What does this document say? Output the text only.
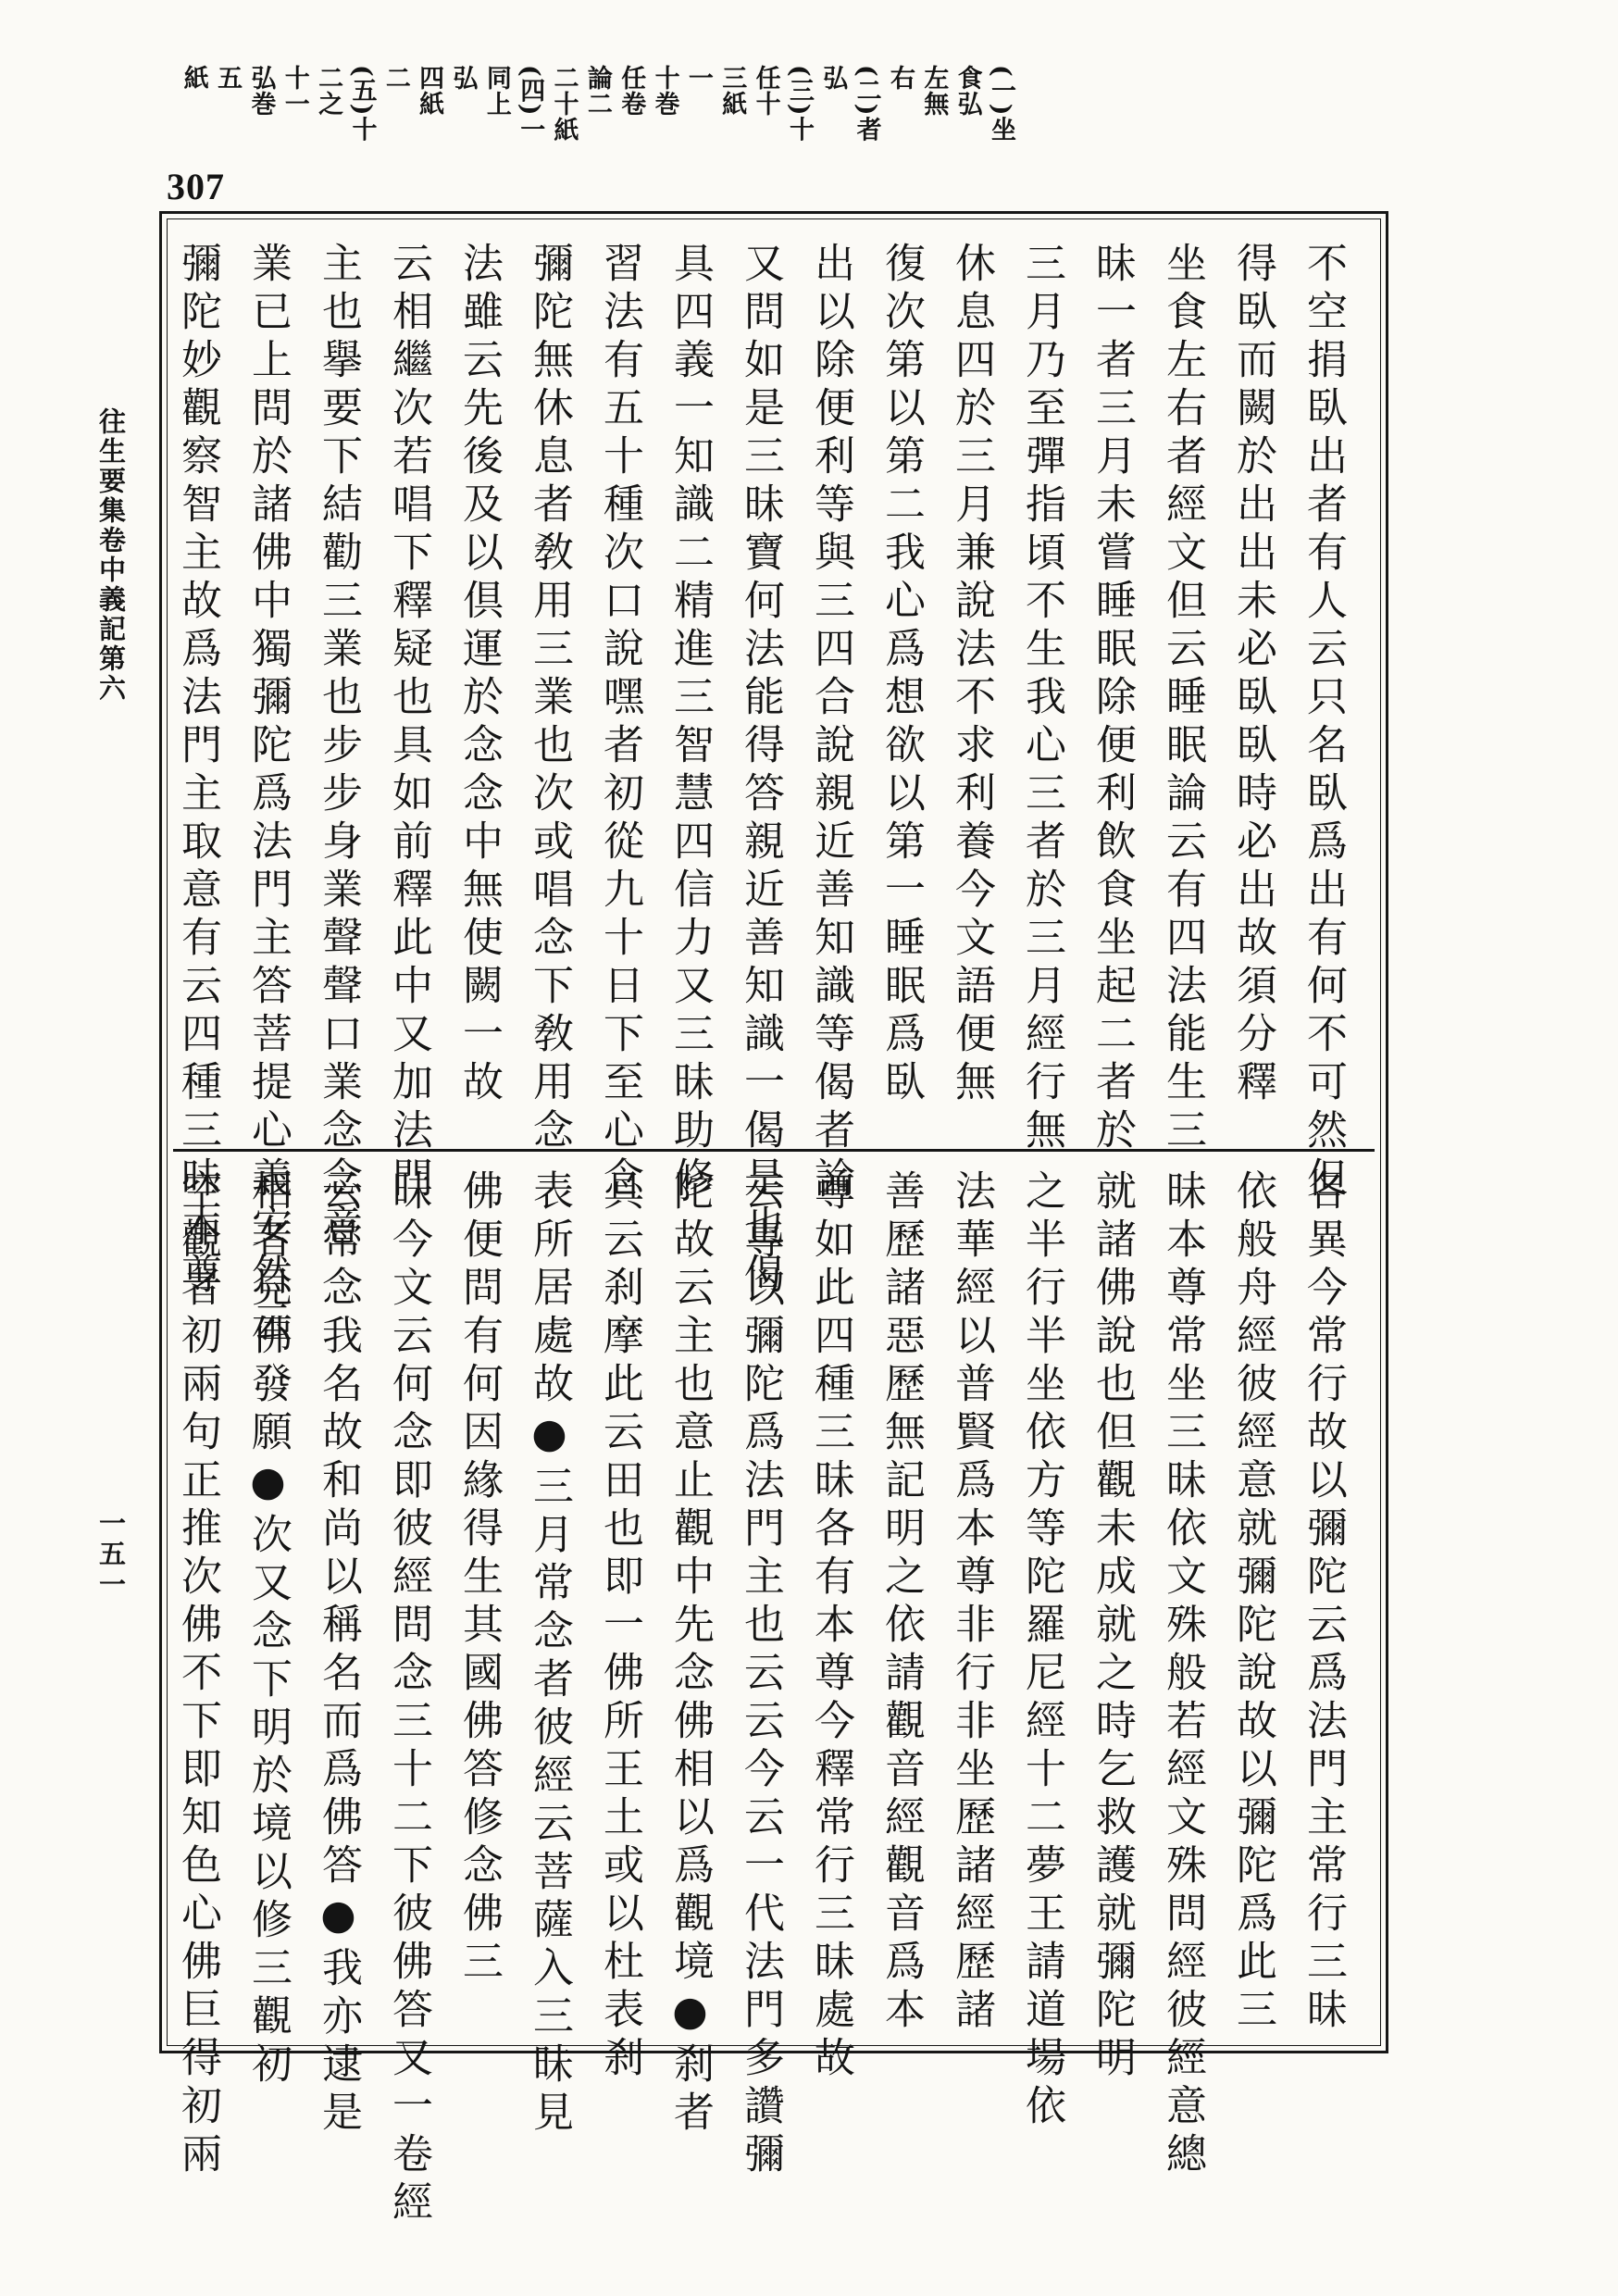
307
(一)坐
食弘
左無
右
(二)者
弘
(三)十
任十
三紙
一
十巻
任卷
論二
二十紙
(四)一
同上
弘
四紙
二
(五)十
二之
十一
弘巻
五
紙
往生要集卷中義記第六
一五一
不空捐臥出者有人云只名臥爲出有何不可然但
得臥而闕於出出未必臥臥時必出故須分釋
坐食左右者經文但云睡眠論云有四法能生三
昧一者三月未嘗睡眠除便利飲食坐起二者於
三月乃至彈指頃不生我心三者於三月經行無
休息四於三月兼說法不求利養今文語便無
復次第以第二我心爲想欲以第一睡眠爲臥
出以除便利等與三四合說親近善知識等偈者論
又問如是三昧寶何法能得答親近善知識一偈是也偈
具四義一知識二精進三智慧四信力又三昧助修
習法有五十種次口說嘿者初從九十日下至心念
彌陀無休息者敎用三業也次或唱念下敎用念
法雖云先後及以倶運於念念中無使闕一故
云相繼次若唱下釋疑也具如前釋此中又加法門
主也擧要下結勸三業也步步身業聲聲口業念念意
業已上問於諸佛中獨彌陀爲法門主答菩提心義安然云
彌陀妙觀察智主故爲法門主取意有云四種三昧本尊
各異今常行故以彌陀云爲法門主常行三昧
依般舟經彼經意就彌陀說故以彌陀爲此三
昧本尊常坐三昧依文殊般若經文殊問經彼經意總
就諸佛說也但觀未成就之時乞救護就彌陀明
之半行半坐依方等陀羅尼經十二夢王請道場依
法華經以普賢爲本尊非行非坐歷諸經歷諸
善歷諸惡歷無記明之依請觀音經觀音爲本
尊如此四種三昧各有本尊今釋常行三昧處故
云專以彌陀爲法門主也云云今云一代法門多讚彌
陀故云主也意止觀中先念佛相以爲觀境●刹者
具云刹摩此云田也即一佛所王土或以杜表刹
表所居處故●三月常念者彼經云菩薩入三昧見
佛便問有何因緣得生其國佛答修念佛三
昧今文云何念即彼經問念三十二下彼佛答又一卷經
云常念我名故和尚以稱名而爲佛答●我亦逮是
相者見佛發願●次又念下明於境以修三觀初
空觀者初兩句正推次佛不下即知色心佛巨得初兩
